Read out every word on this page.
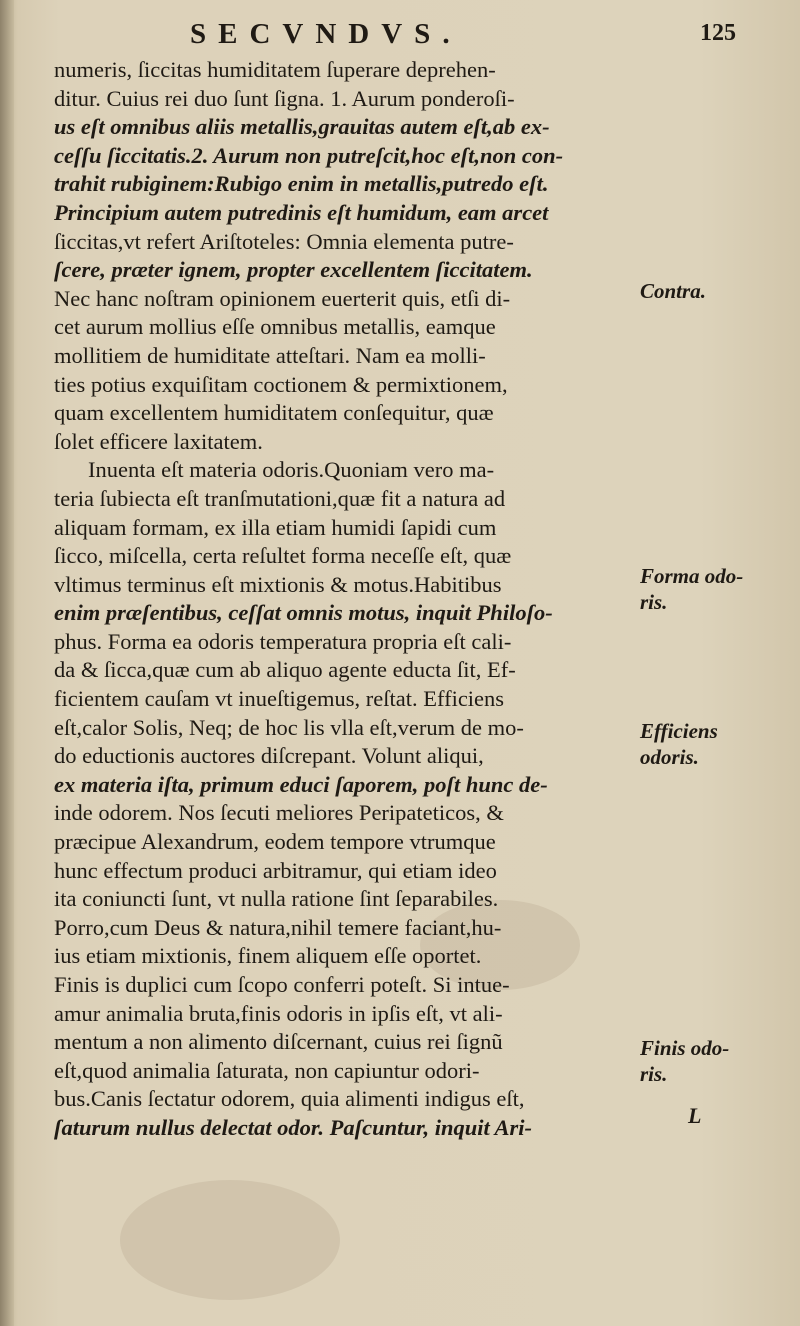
SECVNDVS.	125
numeris, ſiccitas humiditatem ſuperare deprehen-
ditur. Cuius rei duo ſunt ſigna. 1. Aurum ponderoſi-
us eſt omnibus aliis metallis,grauitas autem eſt,ab ex-
ceſſu ſiccitatis.2. Aurum non putreſcit,hoc eſt,non con-
trahit rubiginem:Rubigo enim in metallis,putredo eſt.
Principium autem putredinis eſt humidum, eam arcet
ſiccitas,vt refert Ariſtoteles: Omnia elementa putre-
ſcere, præter ignem, propter excellentem ſiccitatem.
Nec hanc noſtram opinionem euerterit quis, etſi di-
cet aurum mollius eſſe omnibus metallis, eamque
mollitiem de humiditate atteſtari. Nam ea molli-
ties potius exquiſitam coctionem & permixtionem,
quam excellentem humiditatem conſequitur, quæ
ſolet efficere laxitatem.
Inuenta eſt materia odoris.Quoniam vero ma-
teria ſubiecta eſt tranſmutationi,quæ fit a natura ad
aliquam formam, ex illa etiam humidi ſapidi cum
ſicco, miſcella, certa reſultet forma neceſſe eſt, quæ
vltimus terminus eſt mixtionis & motus.Habitibus
enim præſentibus, ceſſat omnis motus, inquit Philoſo-
phus. Forma ea odoris temperatura propria eſt cali-
da & ſicca,quæ cum ab aliquo agente educta ſit, Ef-
ficientem cauſam vt inueſtigemus, reſtat. Efficiens
eſt,calor Solis, Neq; de hoc lis vlla eſt,verum de mo-
do eductionis auctores diſcrepant. Volunt aliqui,
ex materia iſta, primum educi ſaporem, poſt hunc de-
inde odorem. Nos ſecuti meliores Peripateticos, &
præcipue Alexandrum, eodem tempore vtrumque
hunc effectum produci arbitramur, qui etiam ideo
ita coniuncti ſunt, vt nulla ratione ſint ſeparabiles.
Porro,cum Deus & natura,nihil temere faciant,hu-
ius etiam mixtionis, finem aliquem eſſe oportet.
Finis is duplici cum ſcopo conferri poteſt. Si intue-
amur animalia bruta,finis odoris in ipſis eſt, vt ali-
mentum a non alimento diſcernant, cuius rei ſignũ
eſt,quod animalia ſaturata, non capiuntur odori-
bus.Canis ſectatur odorem, quia alimenti indigus eſt,
ſaturum nullus delectat odor. Paſcuntur, inquit Ari-
Contra.
Forma odo-
ris.
Efficiens
odoris.
Finis odo-
ris.
L
